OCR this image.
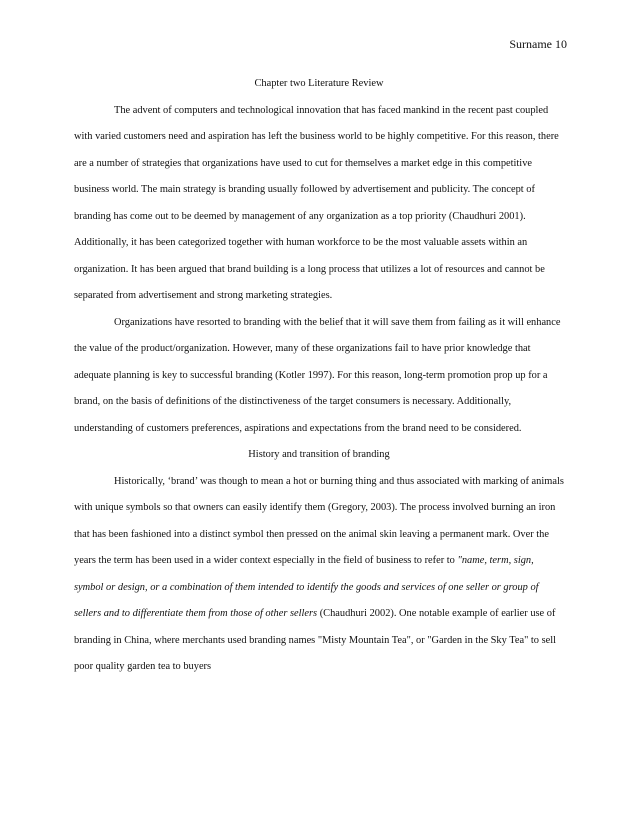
Surname 10

Chapter two Literature Review

The advent of computers and technological innovation that has faced mankind in the recent past coupled with varied customers need and aspiration has left the business world to be highly competitive. For this reason, there are a number of strategies that organizations have used to cut for themselves a market edge in this competitive business world. The main strategy is branding usually followed by advertisement and publicity. The concept of branding has come out to be deemed by management of any organization as a top priority (Chaudhuri 2001). Additionally, it has been categorized together with human workforce to be the most valuable assets within an organization. It has been argued that brand building is a long process that utilizes a lot of resources and cannot be separated from advertisement and strong marketing strategies.

Organizations have resorted to branding with the belief that it will save them from failing as it will enhance the value of the product/organization. However, many of these organizations fail to have prior knowledge that adequate planning is key to successful branding (Kotler 1997). For this reason, long-term promotion prop up for a brand, on the basis of definitions of the distinctiveness of the target consumers is necessary. Additionally, understanding of customers preferences, aspirations and expectations from the brand need to be considered.

History and transition of branding

Historically, ‘brand’ was though to mean a hot or burning thing and thus associated with marking of animals with unique symbols so that owners can easily identify them (Gregory, 2003). The process involved burning an iron that has been fashioned into a distinct symbol then pressed on the animal skin leaving a permanent mark. Over the years the term has been used in a wider context especially in the field of business to refer to "name, term, sign, symbol or design, or a combination of them intended to identify the goods and services of one seller or group of sellers and to differentiate them from those of other sellers (Chaudhuri 2002). One notable example of earlier use of branding in China, where merchants used branding names "Misty Mountain Tea", or "Garden in the Sky Tea" to sell poor quality garden tea to buyers
